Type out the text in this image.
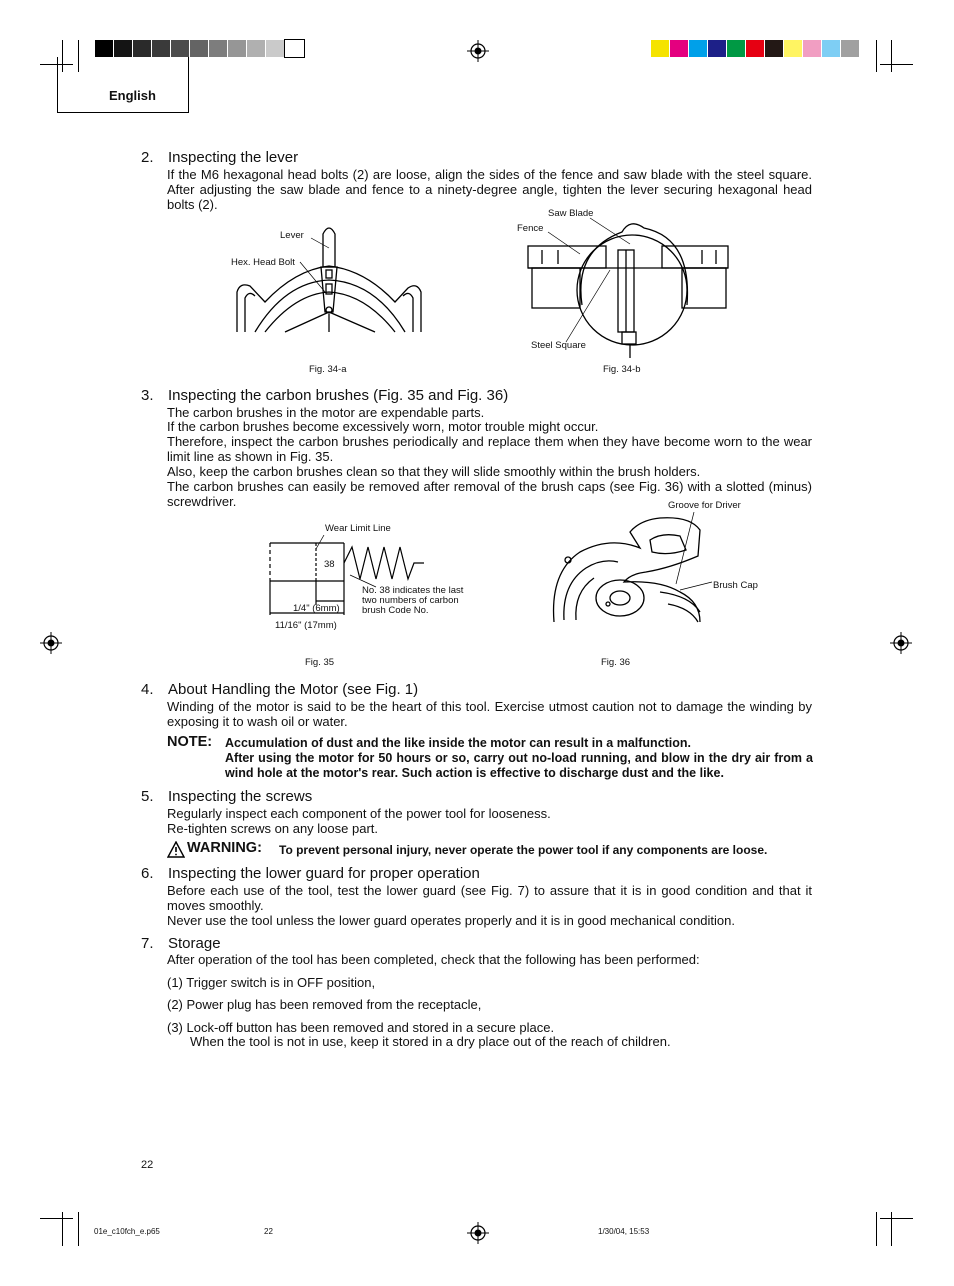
English
2. Inspecting the lever
If the M6 hexagonal head bolts (2) are loose, align the sides of the fence and saw blade with the steel square. After adjusting the saw blade and fence to a ninety-degree angle, tighten the lever securing hexagonal head bolts (2).
Lever
Hex. Head Bolt
Fig. 34-a
Saw Blade
Fence
Steel Square
Fig. 34-b
3. Inspecting the carbon brushes (Fig. 35 and Fig. 36)
The carbon brushes in the motor are expendable parts.
If the carbon brushes become excessively worn, motor trouble might occur.
Therefore, inspect the carbon brushes periodically and replace them when they have become worn to the wear limit line as shown in Fig. 35.
Also, keep the carbon brushes clean so that they will slide smoothly within the brush holders.
The carbon brushes can easily be removed after removal of the brush caps (see Fig. 36) with a slotted (minus) screwdriver.
Wear Limit Line
38
No. 38 indicates the last two numbers of carbon brush Code No.
1/4" (6mm)
11/16" (17mm)
Fig. 35
Groove for Driver
Brush Cap
Fig. 36
4. About Handling the Motor (see Fig. 1)
Winding of the motor is said to be the heart of this tool. Exercise utmost caution not to damage the winding by exposing it to wash oil or water.
NOTE: Accumulation of dust and the like inside the motor can result in a malfunction.
After using the motor for 50 hours or so, carry out no-load running, and blow in the dry air from a wind hole at the motor's rear. Such action is effective to discharge dust and the like.
5. Inspecting the screws
Regularly inspect each component of the power tool for looseness.
Re-tighten screws on any loose part.
WARNING: To prevent personal injury, never operate the power tool if any components are loose.
6. Inspecting the lower guard for proper operation
Before each use of the tool, test the lower guard (see Fig. 7) to assure that it is in good condition and that it moves smoothly.
Never use the tool unless the lower guard operates properly and it is in good mechanical condition.
7. Storage
After operation of the tool has been completed, check that the following has been performed:
(1) Trigger switch is in OFF position,
(2) Power plug has been removed from the receptacle,
(3) Lock-off button has been removed and stored in a secure place.
When the tool is not in use, keep it stored in a dry place out of the reach of children.
22
01e_c10fch_e.p65	22	1/30/04, 15:53
